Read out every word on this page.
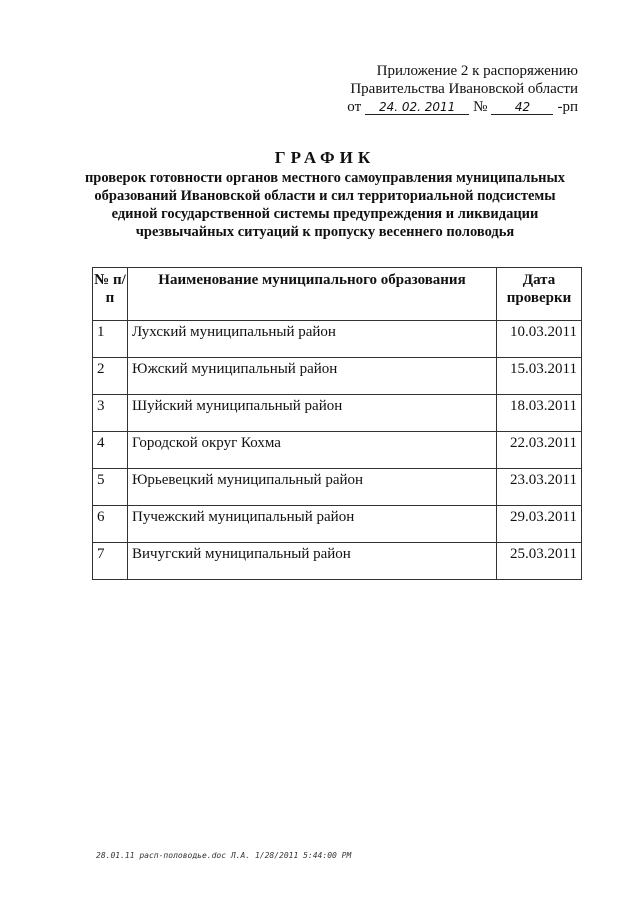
Приложение 2 к распоряжению
Правительства Ивановской области
от	24. 02. 2011	№	42	-рп
ГРАФИК
проверок готовности органов местного самоуправления муниципальных
образований Ивановской области и сил территориальной подсистемы
единой государственной системы предупреждения и ликвидации
чрезвычайных ситуаций к пропуску весеннего половодья
№ п/п	Наименование муниципального образования	Дата проверки
1	Лухский муниципальный район	10.03.2011
2	Южский муниципальный район	15.03.2011
3	Шуйский муниципальный район	18.03.2011
4	Городской округ Кохма	22.03.2011
5	Юрьевецкий муниципальный район	23.03.2011
6	Пучежский муниципальный район	29.03.2011
7	Вичугский муниципальный район	25.03.2011
28.01.11 расп-половодье.doc Л.А. 1/28/2011 5:44:00 PM
